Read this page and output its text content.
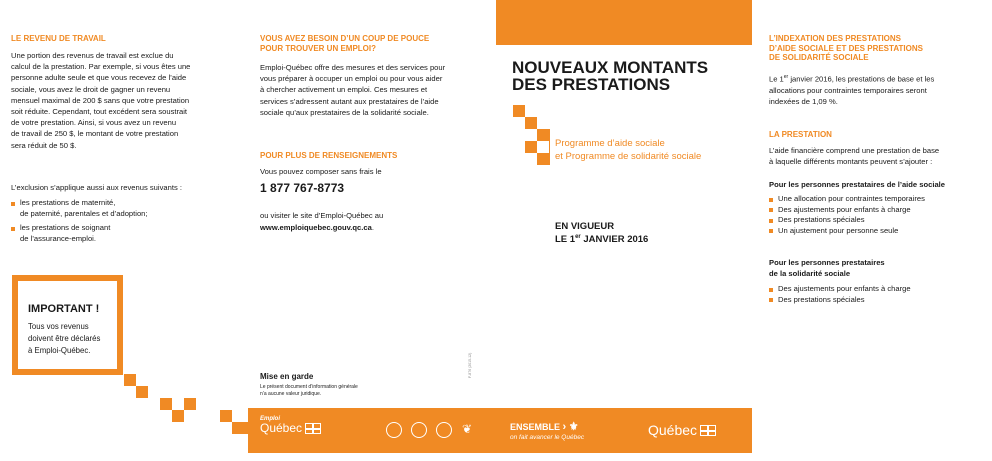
LE REVENU DE TRAVAIL
Une portion des revenus de travail est exclue du
calcul de la prestation. Par exemple, si vous êtes une
personne adulte seule et que vous recevez de l’aide
sociale, vous avez le droit de gagner un revenu
mensuel maximal de 200 $ sans que votre prestation
soit réduite. Cependant, tout excédent sera soustrait
de votre prestation. Ainsi, si vous avez un revenu
de travail de 250 $, le montant de votre prestation
sera réduit de 50 $.
L’exclusion s’applique aussi aux revenus suivants :
les prestations de maternité,
de paternité, parentales et d’adoption;
les prestations de soignant
de l’assurance-emploi.
IMPORTANT !
Tous vos revenus
doivent être déclarés
à Emploi-Québec.
VOUS AVEZ BESOIN D’UN COUP DE POUCE
POUR TROUVER UN EMPLOI?
Emploi-Québec offre des mesures et des services pour
vous préparer à occuper un emploi ou pour vous aider
à chercher activement un emploi. Ces mesures et
services s’adressent autant aux prestataires de l’aide
sociale qu’aux prestataires de la solidarité sociale.
POUR PLUS DE RENSEIGNEMENTS
Vous pouvez composer sans frais le
1 877 767-8773
ou visiter le site d’Emploi-Québec au
www.emploiquebec.gouv.qc.ca.
Mise en garde
Le présent document d’information générale
n’a aucune valeur juridique.
F-876 (2015-12)
NOUVEAUX MONTANTS
DES PRESTATIONS
Programme d’aide sociale
et Programme de solidarité sociale
EN VIGUEUR
LE 1er JANVIER 2016
L’INDEXATION DES PRESTATIONS
D’AIDE SOCIALE ET DES PRESTATIONS
DE SOLIDARITÉ SOCIALE
Le 1er janvier 2016, les prestations de base et les
allocations pour contraintes temporaires seront
indexées de 1,09 %.
LA PRESTATION
L’aide financière comprend une prestation de base
à laquelle différents montants peuvent s’ajouter :
Pour les personnes prestataires de l’aide sociale
Une allocation pour contraintes temporaires
Des ajustements pour enfants à charge
Des prestations spéciales
Un ajustement pour personne seule
Pour les personnes prestataires
de la solidarité sociale
Des ajustements pour enfants à charge
Des prestations spéciales
Emploi
Québec	❦	ENSEMBLE › ⚜
on fait avancer le Québec	Québec
